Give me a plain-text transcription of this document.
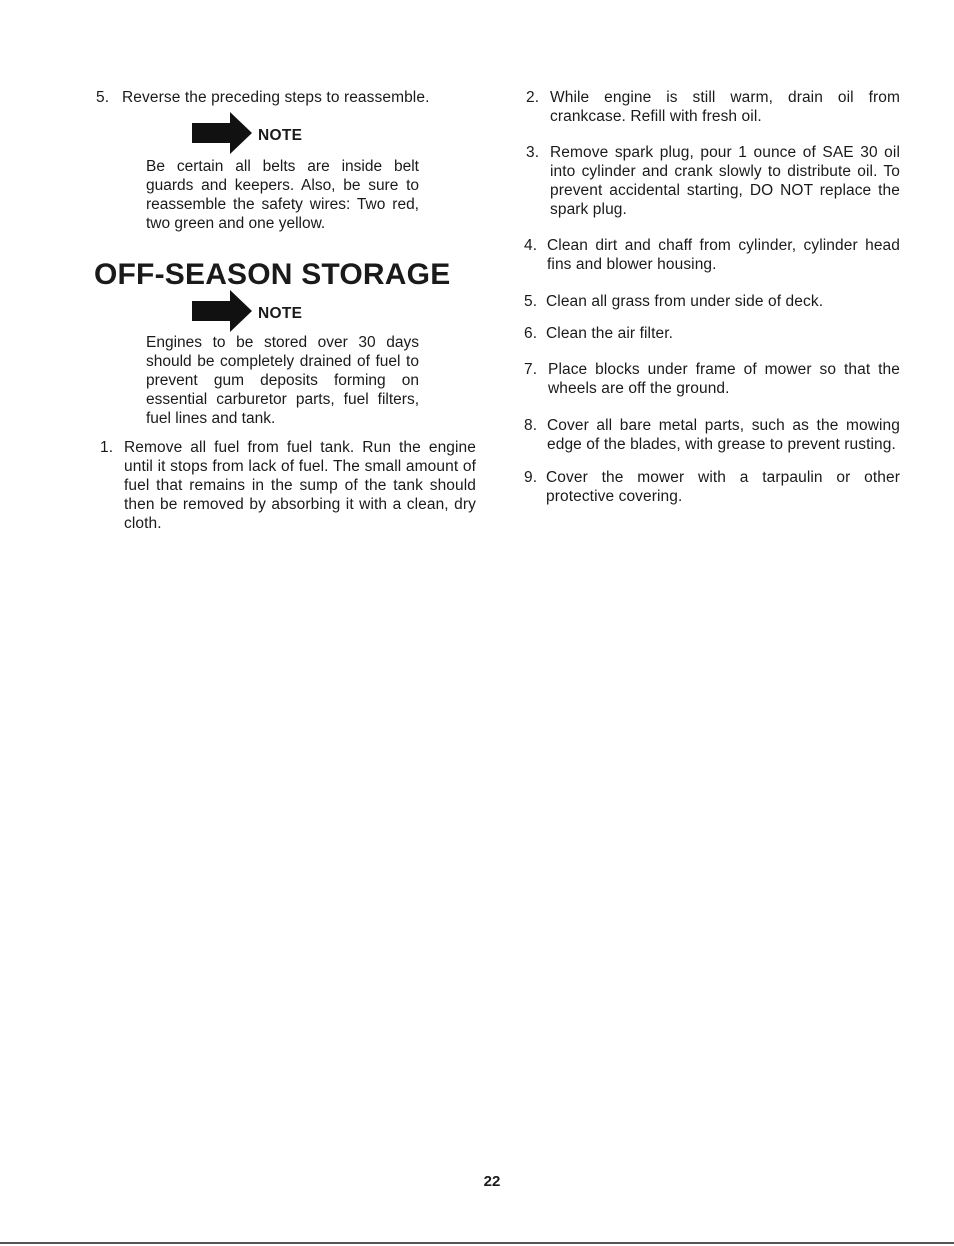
5. Reverse the preceding steps to reassemble.
NOTE
Be certain all belts are inside belt guards and keepers. Also, be sure to reassemble the safety wires: Two red, two green and one yellow.
OFF-SEASON STORAGE
NOTE
Engines to be stored over 30 days should be completely drained of fuel to prevent gum deposits forming on essential carburetor parts, fuel filters, fuel lines and tank.
1. Remove all fuel from fuel tank. Run the engine until it stops from lack of fuel. The small amount of fuel that remains in the sump of the tank should then be removed by absorbing it with a clean, dry cloth.
2. While engine is still warm, drain oil from crankcase. Refill with fresh oil.
3. Remove spark plug, pour 1 ounce of SAE 30 oil into cylinder and crank slowly to distribute oil. To prevent accidental starting, DO NOT replace the spark plug.
4. Clean dirt and chaff from cylinder, cylinder head fins and blower housing.
5. Clean all grass from under side of deck.
6. Clean the air filter.
7. Place blocks under frame of mower so that the wheels are off the ground.
8. Cover all bare metal parts, such as the mowing edge of the blades, with grease to prevent rusting.
9. Cover the mower with a tarpaulin or other protective covering.
22
